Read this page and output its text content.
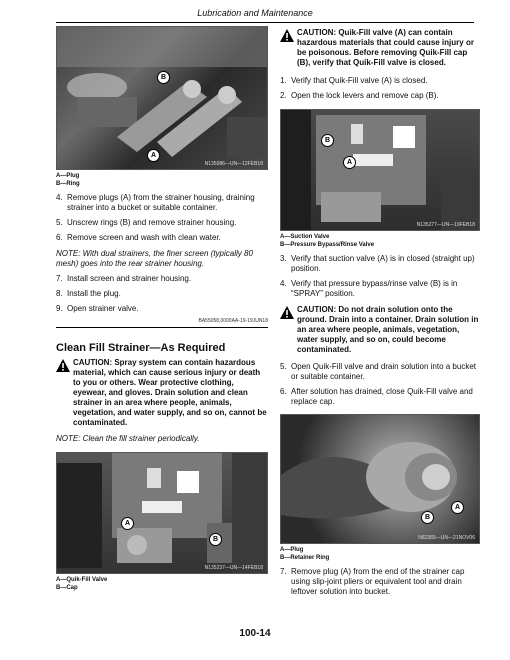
Lubrication and Maintenance
B
A
N135086—UN—12FEB18
A—Plug
B—Ring
4. Remove plugs (A) from the strainer housing, draining strainer into a bucket or suitable container.
5. Unscrew rings (B) and remove strainer housing.
6. Remove screen and wash with clean water.
NOTE: With dual strainers, the finer screen (typically 80 mesh) goes into the rear strainer housing.
7. Install screen and strainer housing.
8. Install the plug.
9. Open strainer valve.
BA55058,0000AA-19-19JUN18
Clean Fill Strainer—As Required
CAUTION: Spray system can contain hazardous material, which can cause serious injury or death to you or others. Wear protective clothing, eyewear, and gloves. Drain solution and clean strainer in an area where people, animals, vegetation, and water supply, and so on, cannot be contaminated.
NOTE: Clean the fill strainer periodically.
A
B
N135237—UN—14FEB18
A—Quik-Fill Valve
B—Cap
CAUTION: Quik-Fill valve (A) can contain hazardous materials that could cause injury or be poisonous. Before removing Quik-Fill cap (B), verify that Quik-Fill valve is closed.
1. Verify that Quik-Fill valve (A) is closed.
2. Open the lock levers and remove cap (B).
B
A
N135277—UN—19FEB18
A—Suction Valve
B—Pressure Bypass/Rinse Valve
3. Verify that suction valve (A) is in closed (straight up) position.
4. Verify that pressure bypass/rinse valve (B) is in “SPRAY” position.
CAUTION: Do not drain solution onto the ground. Drain into a container. Drain solution in an area where people, animals, vegetation, water supply, and so on, could become contaminated.
5. Open Quik-Fill valve and drain solution into a bucket or suitable container.
6. After solution has drained, close Quik-Fill valve and replace cap.
A
B
N82365—UN—21NOV06
A—Plug
B—Retainer Ring
7. Remove plug (A) from the end of the strainer cap using slip-joint pliers or equivalent tool and drain leftover solution into bucket.
100-14
